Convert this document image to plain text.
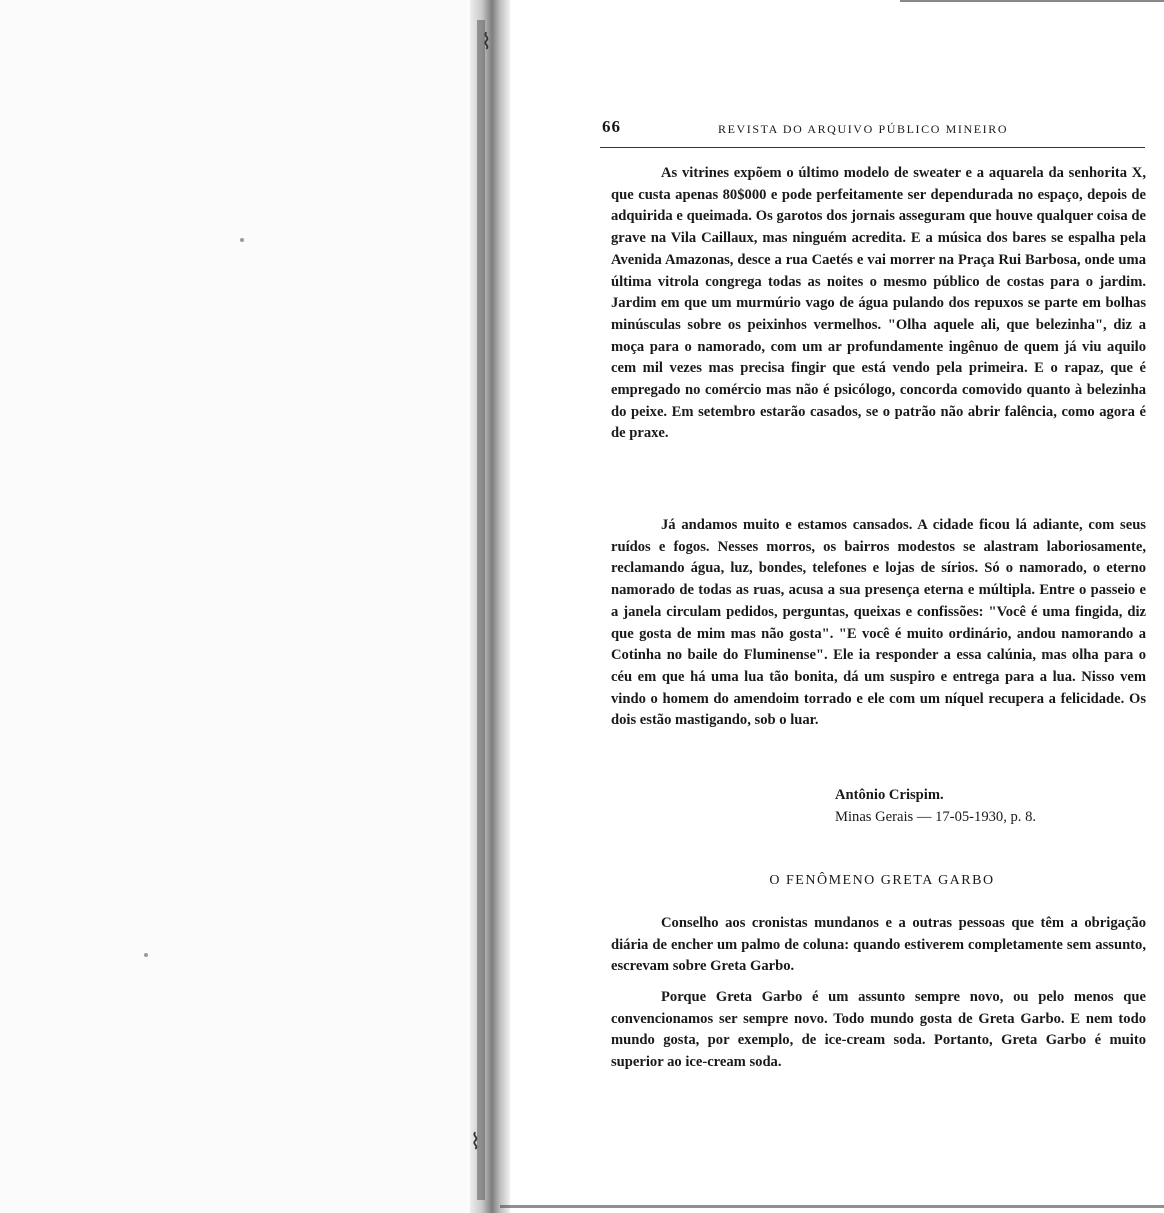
⌇
⌇
66	REVISTA DO ARQUIVO PÚBLICO MINEIRO

As vitrines expõem o último modelo de sweater e a aquarela da senhorita X, que custa apenas 80$000 e pode perfeitamente ser dependurada no espaço, depois de adquirida e queimada. Os garotos dos jornais asseguram que houve qualquer coisa de grave na Vila Caillaux, mas ninguém acredita. E a música dos bares se espalha pela Avenida Amazonas, desce a rua Caetés e vai morrer na Praça Rui Barbosa, onde uma última vitrola congrega todas as noites o mesmo público de costas para o jardim. Jardim em que um murmúrio vago de água pulando dos repuxos se parte em bolhas minúsculas sobre os peixinhos vermelhos. "Olha aquele ali, que belezinha", diz a moça para o namorado, com um ar profundamente ingênuo de quem já viu aquilo cem mil vezes mas precisa fingir que está vendo pela primeira. E o rapaz, que é empregado no comércio mas não é psicólogo, concorda comovido quanto à belezinha do peixe. Em setembro estarão casados, se o patrão não abrir falência, como agora é de praxe.

Já andamos muito e estamos cansados. A cidade ficou lá adiante, com seus ruídos e fogos. Nesses morros, os bairros modestos se alastram laboriosamente, reclamando água, luz, bondes, telefones e lojas de sírios. Só o namorado, o eterno namorado de todas as ruas, acusa a sua presença eterna e múltipla. Entre o passeio e a janela circulam pedidos, perguntas, queixas e confissões: "Você é uma fingida, diz que gosta de mim mas não gosta". "E você é muito ordinário, andou namorando a Cotinha no baile do Fluminense". Ele ia responder a essa calúnia, mas olha para o céu em que há uma lua tão bonita, dá um suspiro e entrega para a lua. Nisso vem vindo o homem do amendoim torrado e ele com um níquel recupera a felicidade. Os dois estão mastigando, sob o luar.

Antônio Crispim.
Minas Gerais — 17-05-1930, p. 8.
O FENÔMENO GRETA GARBO

Conselho aos cronistas mundanos e a outras pessoas que têm a obrigação diária de encher um palmo de coluna: quando estiverem completamente sem assunto, escrevam sobre Greta Garbo.

Porque Greta Garbo é um assunto sempre novo, ou pelo menos que convencionamos ser sempre novo. Todo mundo gosta de Greta Garbo. E nem todo mundo gosta, por exemplo, de ice-cream soda. Portanto, Greta Garbo é muito superior ao ice-cream soda.
